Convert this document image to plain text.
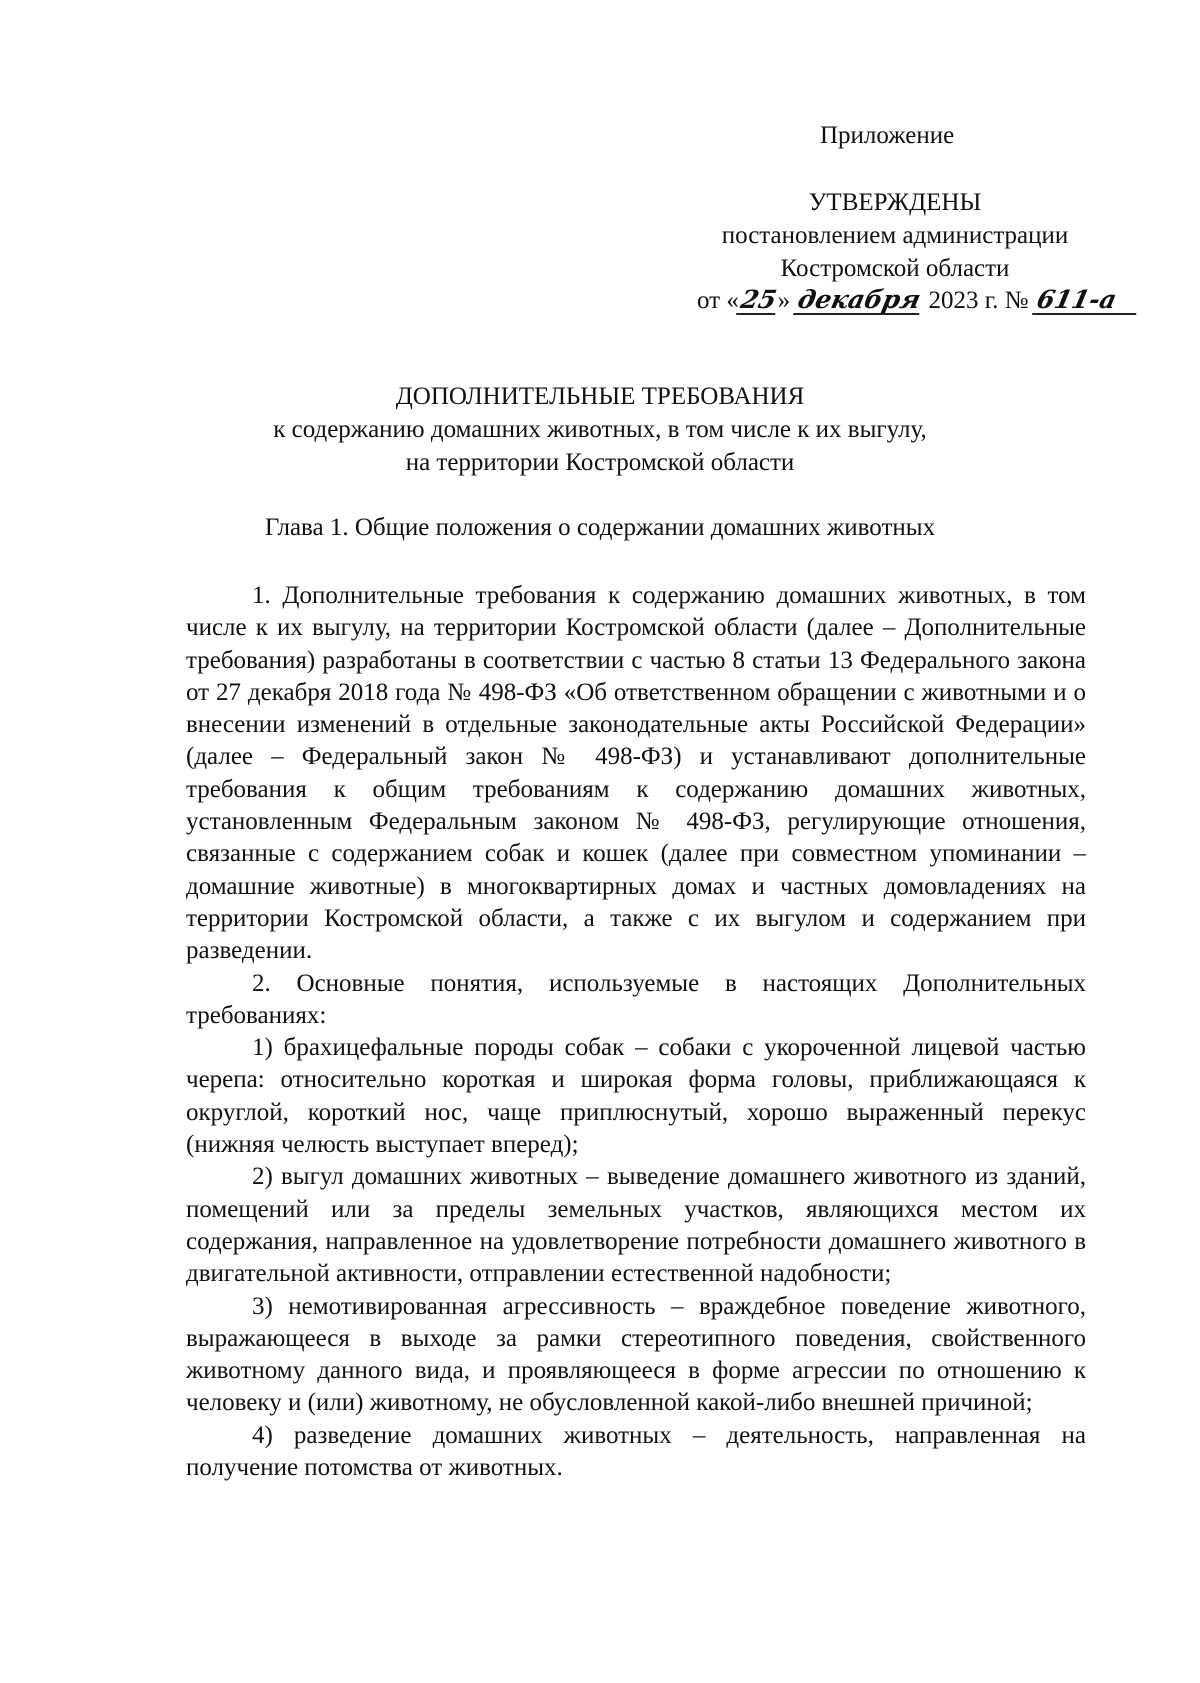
Приложение
УТВЕРЖДЕНЫ
постановлением администрации
Костромской области
от «25» декабря 2023 г. № 611-а
ДОПОЛНИТЕЛЬНЫЕ ТРЕБОВАНИЯ
к содержанию домашних животных, в том числе к их выгулу,
на территории Костромской области
Глава 1. Общие положения о содержании домашних животных

1. Дополнительные требования к содержанию домашних животных, в том числе к их выгулу, на территории Костромской области (далее – Дополнительные требования) разработаны в соответствии с частью 8 статьи 13 Федерального закона от 27 декабря 2018 года № 498-ФЗ «Об ответственном обращении с животными и о внесении изменений в отдельные законодательные акты Российской Федерации» (далее – Федеральный закон № 498-ФЗ) и устанавливают дополнительные требования к общим требованиям к содержанию домашних животных, установленным Федеральным законом № 498-ФЗ, регулирующие отношения, связанные с содержанием собак и кошек (далее при совместном упоминании – домашние животные) в многоквартирных домах и частных домовладениях на территории Костромской области, а также с их выгулом и содержанием при разведении.

2. Основные понятия, используемые в настоящих Дополнительных требованиях:

1) брахицефальные породы собак – собаки с укороченной лицевой частью черепа: относительно короткая и широкая форма головы, приближающаяся к округлой, короткий нос, чаще приплюснутый, хорошо выраженный перекус (нижняя челюсть выступает вперед);

2) выгул домашних животных – выведение домашнего животного из зданий, помещений или за пределы земельных участков, являющихся местом их содержания, направленное на удовлетворение потребности домашнего животного в двигательной активности, отправлении естественной надобности;

3) немотивированная агрессивность – враждебное поведение животного, выражающееся в выходе за рамки стереотипного поведения, свойственного животному данного вида, и проявляющееся в форме агрессии по отношению к человеку и (или) животному, не обусловленной какой-либо внешней причиной;

4) разведение домашних животных – деятельность, направленная на получение потомства от животных.
